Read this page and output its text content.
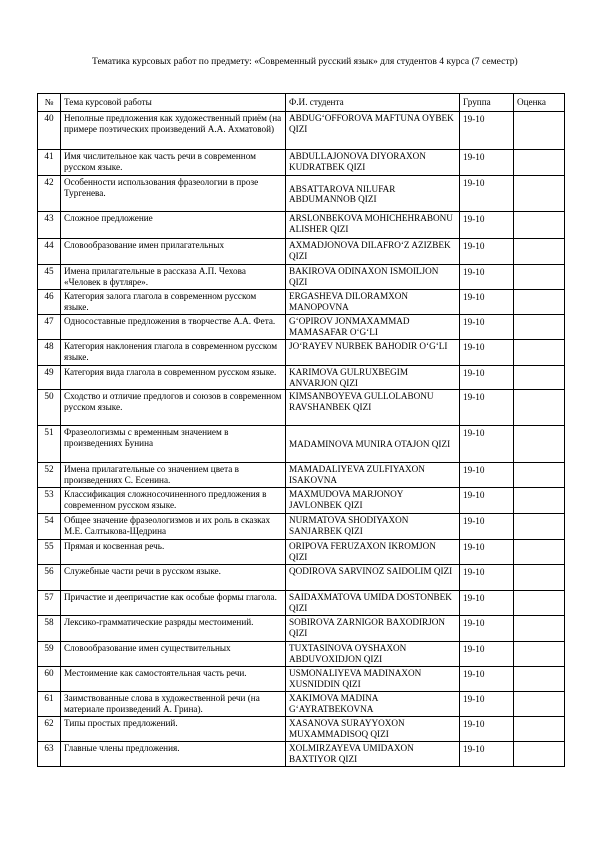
Тематика курсовых работ по предмету: «Современный русский язык» для студентов 4 курса (7 семестр)
№	Тема курсовой работы	Ф.И. студента	Группа	Оценка
40	Неполные предложения как художественный приём (на примере поэтических произведений А.А. Ахматовой)	ABDUG‘OFFOROVA MAFTUNA OYBEK QIZI	19-10	
41	Имя числительное как часть речи в современном русском языке.	ABDULLAJONOVA DIYORAXON KUDRATBEK QIZI	19-10	
42	Особенности использования фразеологии в прозе Тургенева.	ABSATTAROVA NILUFAR ABDUMANNOB QIZI	19-10	
43	Сложное предложение	ARSLONBEKOVA MOHICHEHRABONU ALISHER QIZI	19-10	
44	Словообразование имен прилагательных	AXMADJONOVA DILAFRO‘Z AZIZBEK QIZI	19-10	
45	Имена прилагательные в рассказа А.П. Чехова «Человек в футляре».	BAKIROVA ODINAXON ISMOILJON QIZI	19-10	
46	Категория залога глагола в современном русском языке.	ERGASHEVA DILORAMXON MANOPOVNA	19-10	
47	Односоставные предложения в творчестве А.А. Фета.	G‘OPIROV JONMAXAMMAD MAMASAFAR O‘G‘LI	19-10	
48	Категория наклонения глагола в современном русском языке.	JO‘RAYEV NURBEK BAHODIR O‘G‘LI	19-10	
49	Категория вида глагола в современном русском языке.	KARIMOVA GULRUXBEGIM ANVARJON QIZI	19-10	
50	Сходство и отличие предлогов и союзов в современном русском языке.	KIMSANBOYEVA GULLOLABONU RAVSHANBEK QIZI	19-10	
51	Фразеологизмы с временным значением в произведениях Бунина	MADAMINOVA MUNIRA OTAJON QIZI	19-10	
52	Имена прилагательные со значением цвета в произведениях С. Есенина.	MAMADALIYEVA ZULFIYAXON ISAKOVNA	19-10	
53	Классификация сложносочиненного предложения в современном русском языке.	MAXMUDOVA MARJONOY JAVLONBEK QIZI	19-10	
54	Общее значение фразеологизмов и их роль в сказках М.Е. Салтыкова-Щедрина	NURMATOVA SHODIYAXON SANJARBEK QIZI	19-10	
55	Прямая и косвенная речь.	ORIPOVA FERUZAXON IKROMJON QIZI	19-10	
56	Служебные части речи в русском языке.	QODIROVA SARVINOZ SAIDOLIM QIZI	19-10	
57	Причастие и деепричастие как особые формы глагола.	SAIDAXMATOVA UMIDA DOSTONBEK QIZI	19-10	
58	Лексико-грамматические разряды местоимений.	SOBIROVA ZARNIGOR BAXODIRJON QIZI	19-10	
59	Словообразование имен существительных	TUXTASINOVA OYSHAXON ABDUVOXIDJON QIZI	19-10	
60	Местоимение как самостоятельная часть речи.	USMONALIYEVA MADINAXON XUSNIDDIN QIZI	19-10	
61	Заимствованные слова в художественной речи (на материале произведений А. Грина).	XAKIMOVA MADINA G‘AYRATBEKOVNA	19-10	
62	Типы простых предложений.	XASANOVA SURAYYOXON MUXAMMADISOQ QIZI	19-10	
63	Главные члены предложения.	XOLMIRZAYEVA UMIDAXON BAXTIYOR QIZI	19-10	
